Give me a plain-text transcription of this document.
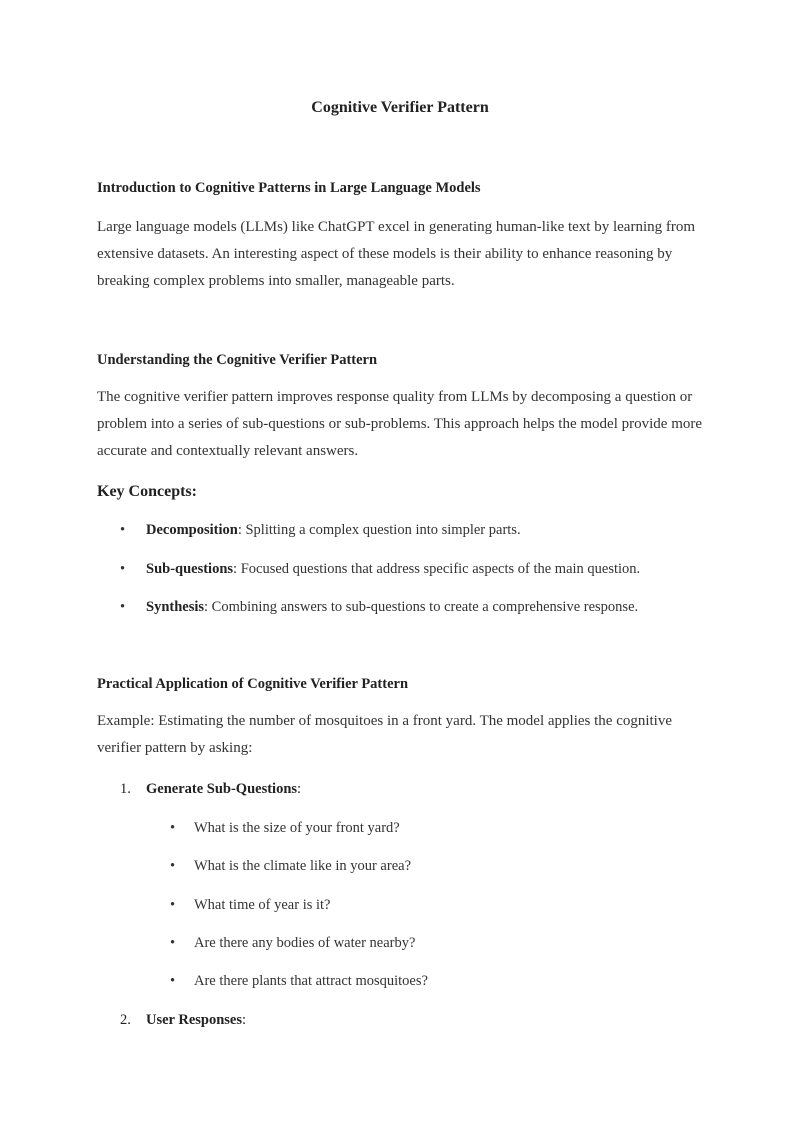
Cognitive Verifier Pattern
Introduction to Cognitive Patterns in Large Language Models
Large language models (LLMs) like ChatGPT excel in generating human-like text by learning from extensive datasets. An interesting aspect of these models is their ability to enhance reasoning by breaking complex problems into smaller, manageable parts.
Understanding the Cognitive Verifier Pattern
The cognitive verifier pattern improves response quality from LLMs by decomposing a question or problem into a series of sub-questions or sub-problems. This approach helps the model provide more accurate and contextually relevant answers.
Key Concepts:
• Decomposition: Splitting a complex question into simpler parts.
• Sub-questions: Focused questions that address specific aspects of the main question.
• Synthesis: Combining answers to sub-questions to create a comprehensive response.
Practical Application of Cognitive Verifier Pattern
Example: Estimating the number of mosquitoes in a front yard. The model applies the cognitive verifier pattern by asking:
1. Generate Sub-Questions:
• What is the size of your front yard?
• What is the climate like in your area?
• What time of year is it?
• Are there any bodies of water nearby?
• Are there plants that attract mosquitoes?
2. User Responses:
